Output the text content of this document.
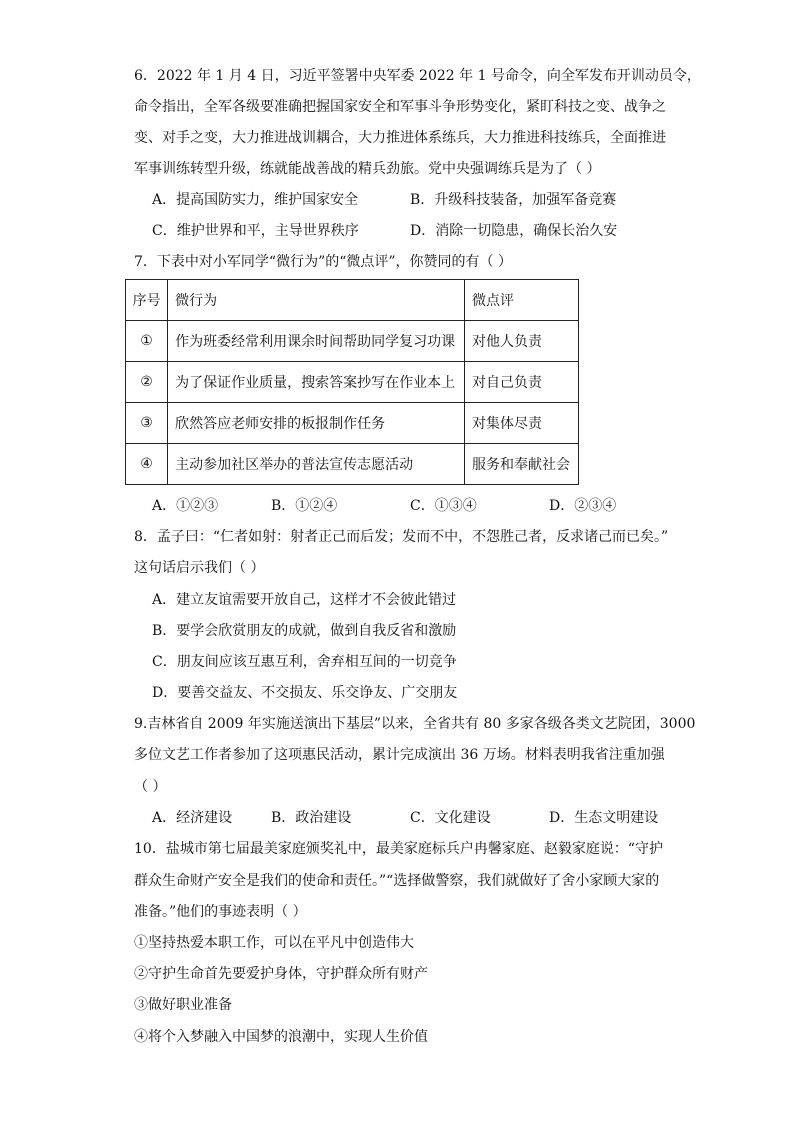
6．2022 年 1 月 4 日，习近平签署中央军委 2022 年 1 号命令，向全军发布开训动员令，
命令指出，全军各级要准确把握国家安全和军事斗争形势变化，紧盯科技之变、战争之
变、对手之变，大力推进战训耦合，大力推进体系练兵，大力推进科技练兵，全面推进
军事训练转型升级，练就能战善战的精兵劲旅。党中央强调练兵是为了（ ）
A．提高国防实力，维护国家安全	B．升级科技装备，加强军备竞赛
C．维护世界和平，主导世界秩序	D．消除一切隐患，确保长治久安
7．下表中对小军同学“微行为”的“微点评”，你赞同的有（ ）
序号	微行为	微点评
①	作为班委经常利用课余时间帮助同学复习功课	对他人负责
②	为了保证作业质量，搜索答案抄写在作业本上	对自己负责
③	欣然答应老师安排的板报制作任务	对集体尽责
④	主动参加社区举办的普法宣传志愿活动	服务和奉献社会
A．①②③	B．①②④	C．①③④	D．②③④
8．孟子曰：“仁者如射：射者正己而后发；发而不中，不怨胜己者，反求诸己而已矣。”
这句话启示我们（ ）
A．建立友谊需要开放自己，这样才不会彼此错过
B．要学会欣赏朋友的成就，做到自我反省和激励
C．朋友间应该互惠互利，舍弃相互间的一切竞争
D．要善交益友、不交损友、乐交诤友、广交朋友
9.吉林省自 2009 年实施送演出下基层”以来，全省共有 80 多家各级各类文艺院团，3000
多位文艺工作者参加了这项惠民活动，累计完成演出 36 万场。材料表明我省注重加强
（ ）
A．经济建设	B．政治建设	C．文化建设	D．生态文明建设
10．盐城市第七届最美家庭颁奖礼中，最美家庭标兵户冉馨家庭、赵毅家庭说：“守护
群众生命财产安全是我们的使命和责任。”“选择做警察，我们就做好了舍小家顾大家的
准备。”他们的事迹表明（ ）
①坚持热爱本职工作，可以在平凡中创造伟大
②守护生命首先要爱护身体，守护群众所有财产
③做好职业准备
④将个入梦融入中国梦的浪潮中，实现人生价值
